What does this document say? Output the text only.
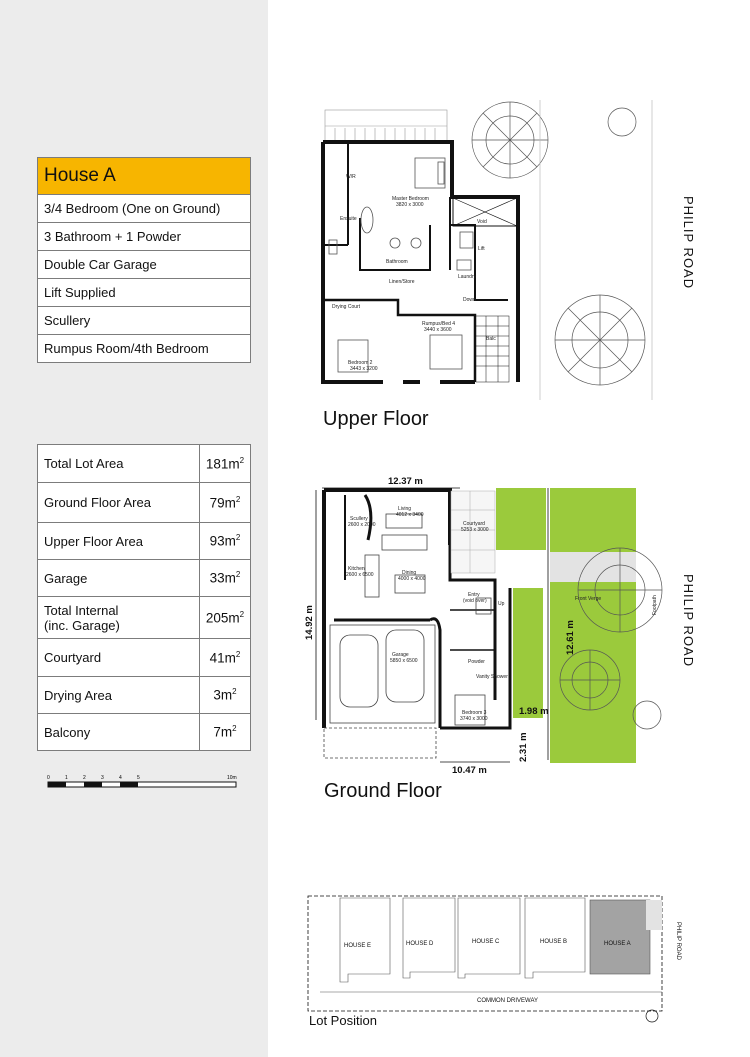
House A
3/4 Bedroom (One on Ground)
3 Bathroom + 1 Powder
Double Car Garage
Lift Supplied
Scullery
Rumpus Room/4th Bedroom
Total Lot Area	$181m^2$
Ground Floor Area	$79m^2$
Upper Floor Area	$93m^2$
Garage	$33m^2$
Total Internal
(inc. Garage)	$205m^2$
Courtyard	$41m^2$
Drying Area	$3m^2$
Balcony	$7m^2$
0	1	2	3	4	5	10m
W/R
Master Bedroom
3820 x 3000
Ensuite
Bathroom
Linen/Store
Laundry
Void
Lift
Drying Court
Down
Bedroom 2
3443 x 3200
Rumpus/Bed 4
3440 x 3600
Balc
Upper Floor
PHILIP ROAD
12.37 m
14.92 m	12.61 m
10.47 m
1.98 m
2.31 m
Living
4012 x 3400
Courtyard
5253 x 3000
Scullery
2600 x 2000
Kitchen
2600 x 6500	Dining
4000 x 4000
Entry
(void over) Up
Garage
5850 x 6500	Powder
Vanity Shower
Bedroom 3
3740 x 3000
Front Verge	Footpath
Ground Floor
PHILIP ROAD
HOUSE E	HOUSE D	HOUSE C	HOUSE B	HOUSE A
COMMON DRIVEWAY
PHILIP ROAD
Lot Position
